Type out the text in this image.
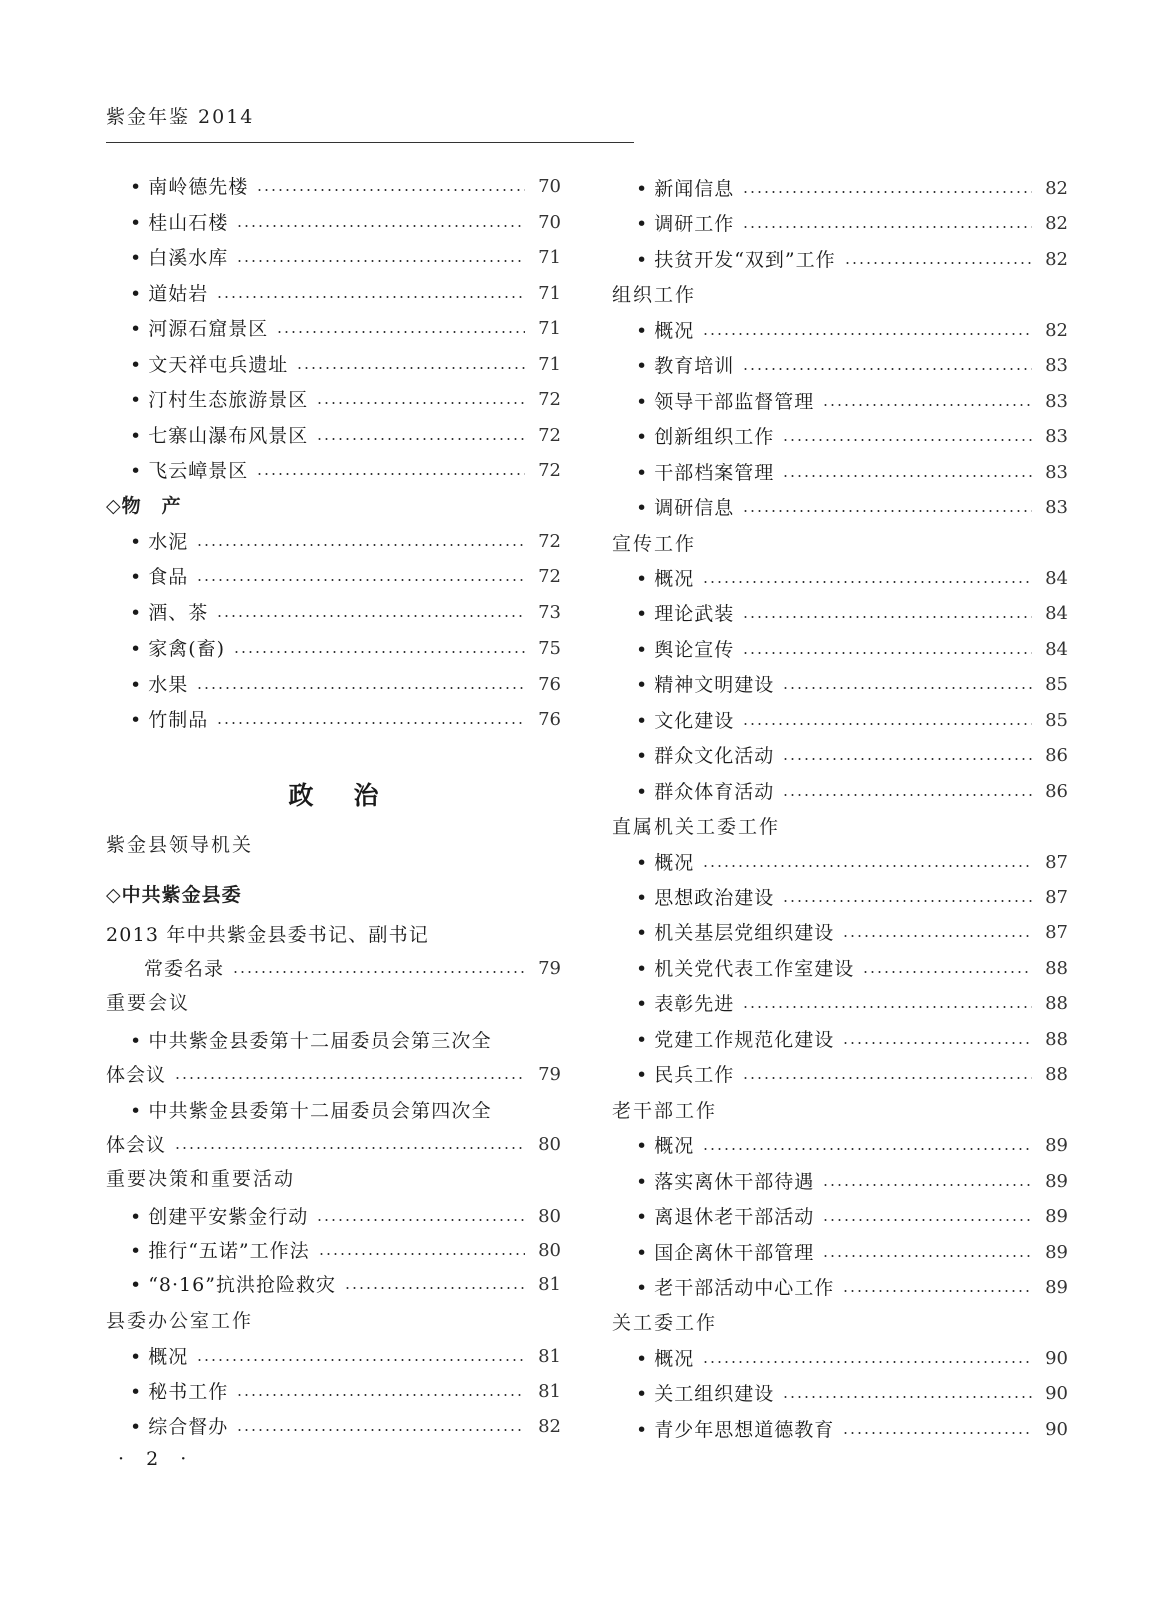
紫金年鉴 2014
• 南岭德先楼	70
• 桂山石楼	70
• 白溪水库	71
• 道姑岩	71
• 河源石窟景区	71
• 文天祥屯兵遗址	71
• 汀村生态旅游景区	72
• 七寨山瀑布风景区	72
• 飞云嶂景区	72
◇物　产
• 水泥	72
• 食品	72
• 酒、茶	73
• 家禽(畜)	75
• 水果	76
• 竹制品	76
紫金县领导机关
◇中共紫金县委
2013 年中共紫金县委书记、副书记
常委名录	79
重要会议
• 中共紫金县委第十二届委员会第三次全
体会议	79
• 中共紫金县委第十二届委员会第四次全
体会议	80
重要决策和重要活动
• 创建平安紫金行动	80
• 推行“五诺”工作法	80
• “8·16”抗洪抢险救灾	81
县委办公室工作
• 概况	81
• 秘书工作	81
• 综合督办	82
政治
• 新闻信息	82
• 调研工作	82
• 扶贫开发“双到”工作	82
组织工作
• 概况	82
• 教育培训	83
• 领导干部监督管理	83
• 创新组织工作	83
• 干部档案管理	83
• 调研信息	83
宣传工作
• 概况	84
• 理论武装	84
• 舆论宣传	84
• 精神文明建设	85
• 文化建设	85
• 群众文化活动	86
• 群众体育活动	86
直属机关工委工作
• 概况	87
• 思想政治建设	87
• 机关基层党组织建设	87
• 机关党代表工作室建设	88
• 表彰先进	88
• 党建工作规范化建设	88
• 民兵工作	88
老干部工作
• 概况	89
• 落实离休干部待遇	89
• 离退休老干部活动	89
• 国企离休干部管理	89
• 老干部活动中心工作	89
关工委工作
• 概况	90
• 关工组织建设	90
• 青少年思想道德教育	90
· 2 ·
